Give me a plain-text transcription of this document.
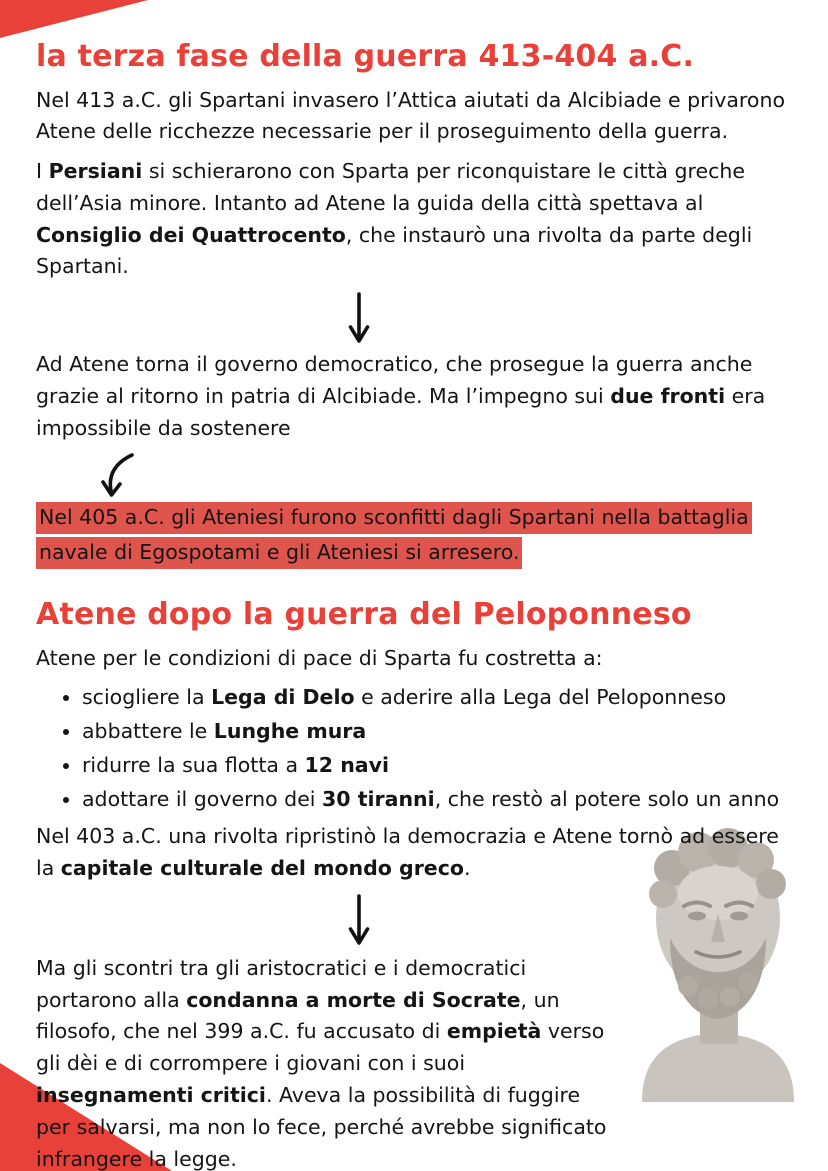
la terza fase della guerra 413-404 a.C.

Nel 413 a.C. gli Spartani invasero l’Attica aiutati da Alcibiade e privarono Atene delle ricchezze necessarie per il proseguimento della guerra.

I Persiani si schierarono con Sparta per riconquistare le città greche dell’Asia minore. Intanto ad Atene la guida della città spettava al Consiglio dei Quattrocento, che instaurò una rivolta da parte degli Spartani.

Ad Atene torna il governo democratico, che prosegue la guerra anche grazie al ritorno in patria di Alcibiade. Ma l’impegno sui due fronti era impossibile da sostenere

Nel 405 a.C. gli Ateniesi furono sconfitti dagli Spartani nella battaglia navale di Egospotami e gli Ateniesi si arresero.

Atene dopo la guerra del Peloponneso

Atene per le condizioni di pace di Sparta fu costretta a:

• sciogliere la Lega di Delo e aderire alla Lega del Peloponneso
• abbattere le Lunghe mura
• ridurre la sua flotta a 12 navi
• adottare il governo dei 30 tiranni, che restò al potere solo un anno

Nel 403 a.C. una rivolta ripristinò la democrazia e Atene tornò ad essere la capitale culturale del mondo greco.

Ma gli scontri tra gli aristocratici e i democratici portarono alla condanna a morte di Socrate, un filosofo, che nel 399 a.C. fu accusato di empietà verso gli dèi e di corrompere i giovani con i suoi insegnamenti critici. Aveva la possibilità di fuggire per salvarsi, ma non lo fece, perché avrebbe significato infrangere la legge.
